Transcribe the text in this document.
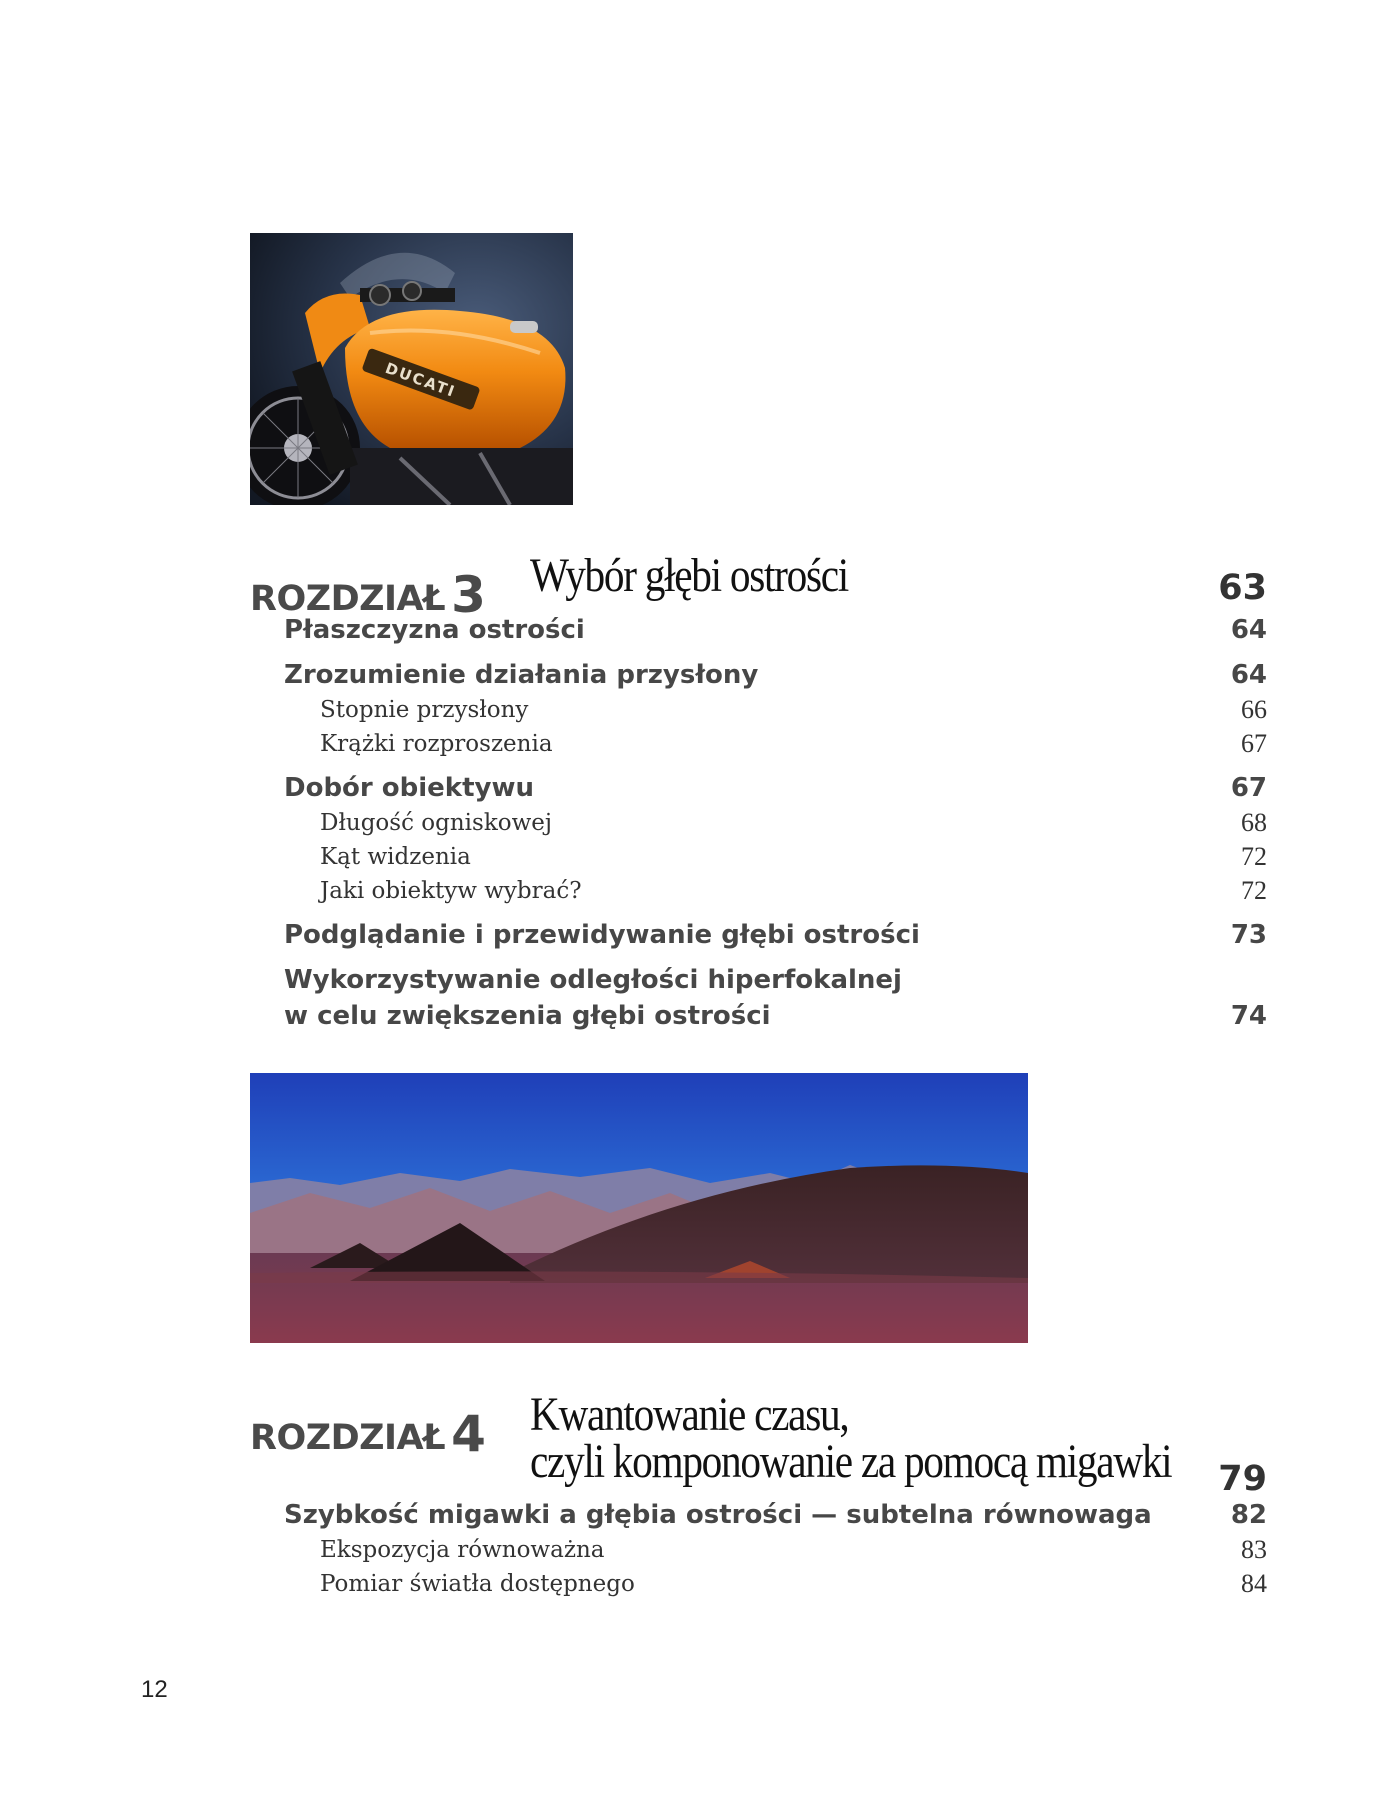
DUCATI
ROZDZIAŁ 3 Wybór głębi ostrości	63
Płaszczyzna ostrości	64
Zrozumienie działania przysłony	64
Stopnie przysłony	66
Krążki rozproszenia	67
Dobór obiektywu	67
Długość ogniskowej	68
Kąt widzenia	72
Jaki obiektyw wybrać?	72
Podglądanie i przewidywanie głębi ostrości	73
Wykorzystywanie odległości hiperfokalnej
w celu zwiększenia głębi ostrości	74
ROZDZIAŁ 4 Kwantowanie czasu,
czyli komponowanie za pomocą migawki 79
Szybkość migawki a głębia ostrości — subtelna równowaga	82
Ekspozycja równoważna	83
Pomiar światła dostępnego	84
12
